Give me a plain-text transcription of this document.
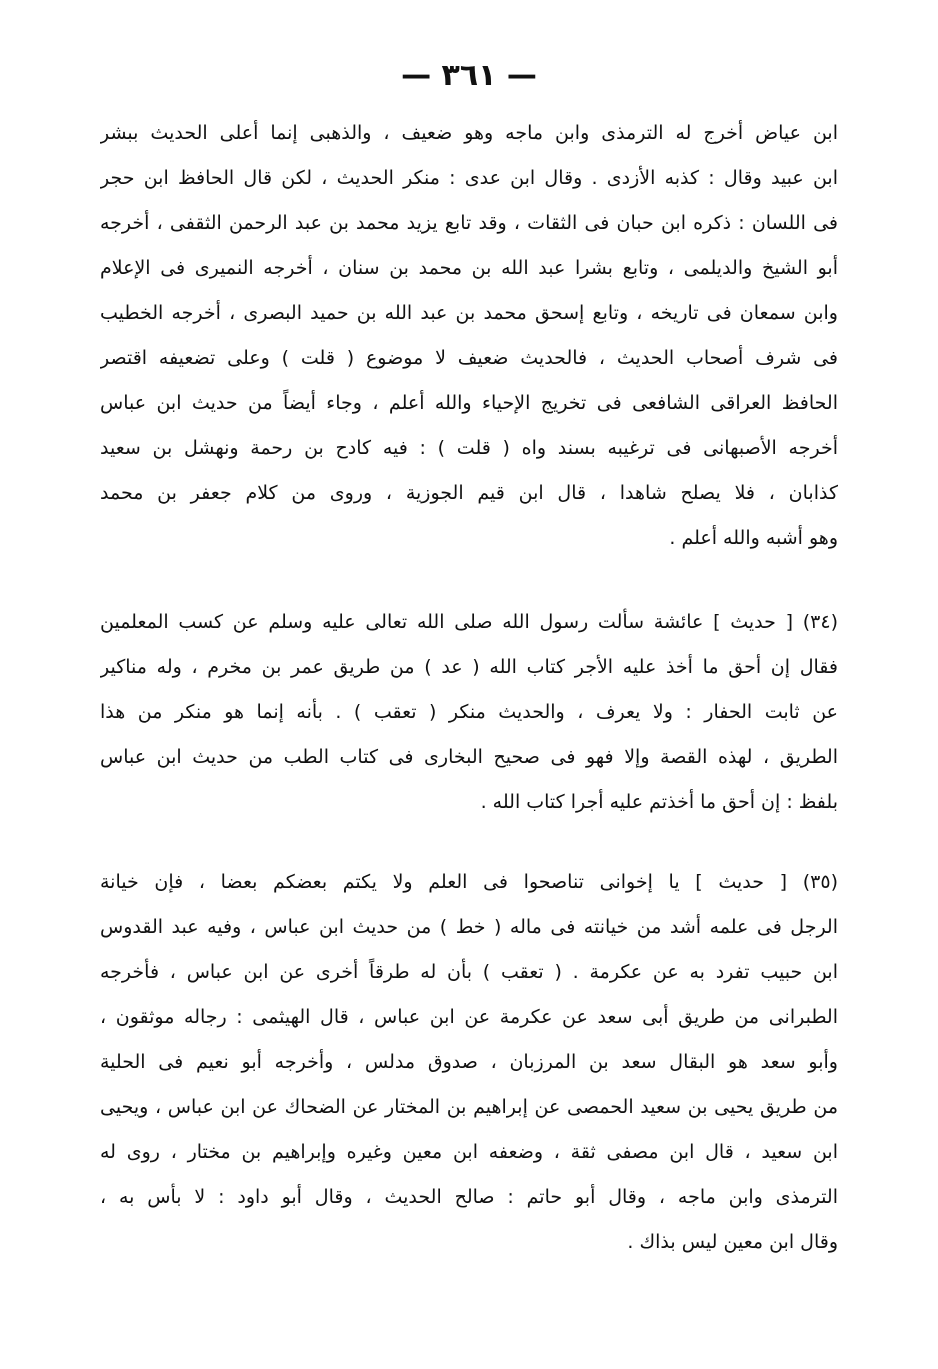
— ٣٦١ —
ابن عياض أخرج له الترمذى وابن ماجه وهو ضعيف ، والذهبى إنما أعلى الحديث ببشر
ابن عبيد وقال : كذبه الأزدى . وقال ابن عدى : منكر الحديث ، لكن قال الحافظ ابن حجر
فى اللسان : ذكره ابن حبان فى الثقات ، وقد تابع يزيد محمد بن عبد الرحمن الثقفى ، أخرجه
أبو الشيخ والديلمى ، وتابع بشرا عبد الله بن محمد بن سنان ، أخرجه النميرى فى الإعلام
وابن سمعان فى تاريخه ، وتابع إسحق محمد بن عبد الله بن حميد البصرى ، أخرجه الخطيب
فى شرف أصحاب الحديث ، فالحديث ضعيف لا موضوع ( قلت ) وعلى تضعيفه اقتصر
الحافظ العراقى الشافعى فى تخريج الإحياء والله أعلم ، وجاء أيضاً من حديث ابن عباس
أخرجه الأصبهانى فى ترغيبه بسند واه ( قلت ) : فيه كادح بن رحمة ونهشل بن سعيد
كذابان ، فلا يصلح شاهدا ، قال ابن قيم الجوزية ، وروى من كلام جعفر بن محمد
وهو أشبه والله أعلم .
(٣٤) [ حديث ] عائشة سألت رسول الله صلى الله تعالى عليه وسلم عن كسب المعلمين
فقال إن أحق ما أخذ عليه الأجر كتاب الله ( عد ) من طريق عمر بن مخرم ، وله مناكير
عن ثابت الحفار : ولا يعرف ، والحديث منكر ( تعقب ) . بأنه إنما هو منكر من هذا
الطريق ، لهذه القصة وإلا فهو فى صحيح البخارى فى كتاب الطب من حديث ابن عباس
بلفظ : إن أحق ما أخذتم عليه أجرا كتاب الله .
(٣٥) [ حديث ] يا إخوانى تناصحوا فى العلم ولا يكتم بعضكم بعضا ، فإن خيانة
الرجل فى علمه أشد من خيانته فى ماله ( خط ) من حديث ابن عباس ، وفيه عبد القدوس
ابن حبيب تفرد به عن عكرمة . ( تعقب ) بأن له طرقاً أخرى عن ابن عباس ، فأخرجه
الطبرانى من طريق أبى سعد عن عكرمة عن ابن عباس ، قال الهيثمى : رجاله موثقون ،
وأبو سعد هو البقال سعد بن المرزبان ، صدوق مدلس ، وأخرجه أبو نعيم فى الحلية
من طريق يحيى بن سعيد الحمصى عن إبراهيم بن المختار عن الضحاك عن ابن عباس ، ويحيى
ابن سعيد ، قال ابن مصفى ثقة ، وضعفه ابن معين وغيره وإبراهيم بن مختار ، روى له
الترمذى وابن ماجه ، وقال أبو حاتم : صالح الحديث ، وقال أبو داود : لا بأس به ،
وقال ابن معين ليس بذاك .
